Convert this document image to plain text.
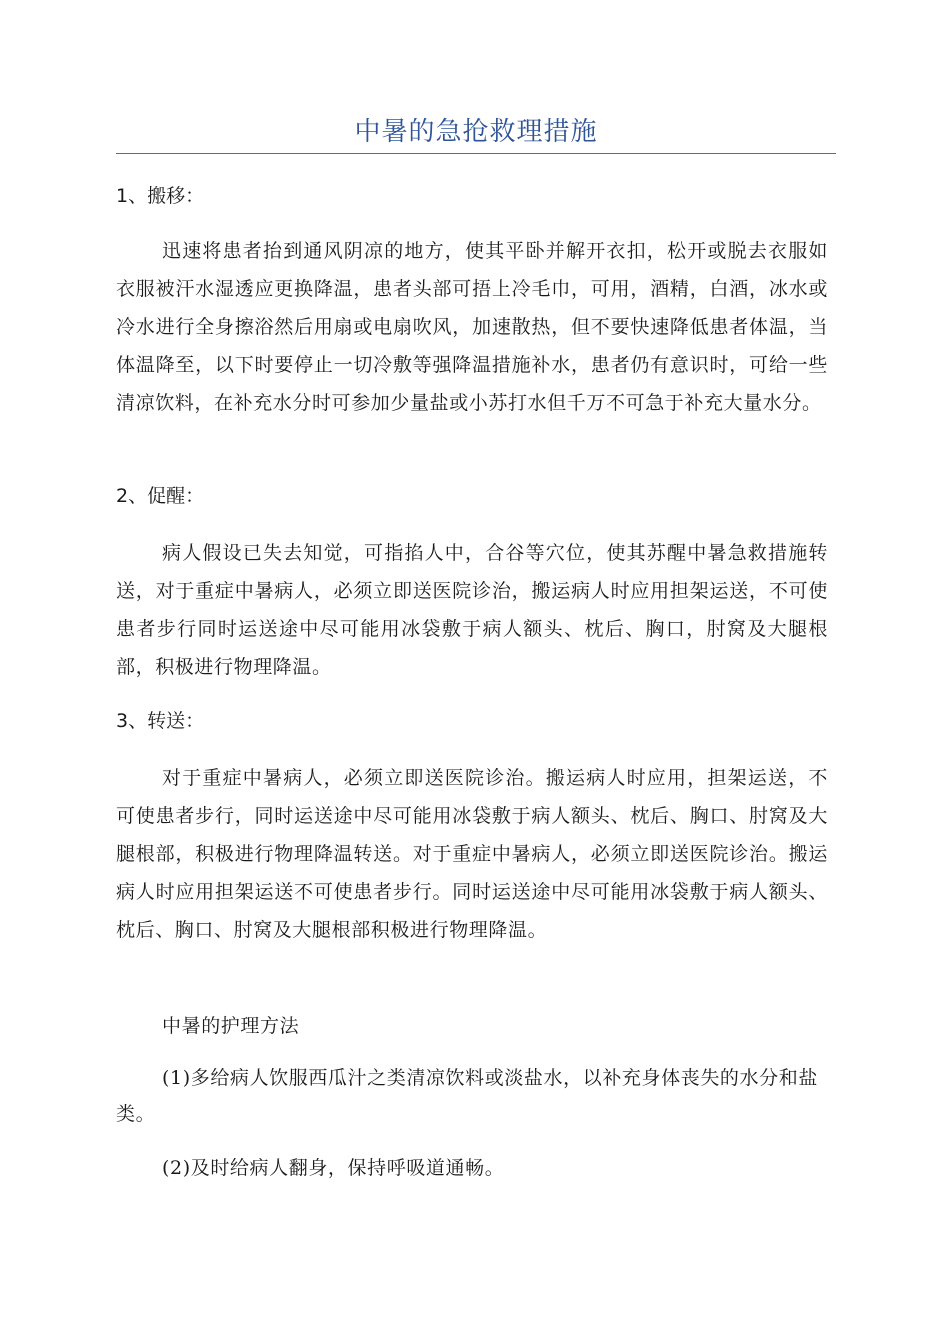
中暑的急抢救理措施
1、搬移：
迅速将患者抬到通风阴凉的地方，使其平卧并解开衣扣，松开或脱去衣服如衣服被汗水湿透应更换降温，患者头部可捂上冷毛巾，可用，酒精，白酒，冰水或冷水进行全身擦浴然后用扇或电扇吹风，加速散热，但不要快速降低患者体温，当体温降至，以下时要停止一切冷敷等强降温措施补水，患者仍有意识时，可给一些清凉饮料，在补充水分时可参加少量盐或小苏打水但千万不可急于补充大量水分。
2、促醒：
病人假设已失去知觉，可指掐人中，合谷等穴位，使其苏醒中暑急救措施转送，对于重症中暑病人，必须立即送医院诊治，搬运病人时应用担架运送，不可使患者步行同时运送途中尽可能用冰袋敷于病人额头、枕后、胸口，肘窝及大腿根部，积极进行物理降温。
3、转送：
对于重症中暑病人，必须立即送医院诊治。搬运病人时应用，担架运送，不可使患者步行，同时运送途中尽可能用冰袋敷于病人额头、枕后、胸口、肘窝及大腿根部，积极进行物理降温转送。对于重症中暑病人，必须立即送医院诊治。搬运病人时应用担架运送不可使患者步行。同时运送途中尽可能用冰袋敷于病人额头、枕后、胸口、肘窝及大腿根部积极进行物理降温。
中暑的护理方法
(1)多给病人饮服西瓜汁之类清凉饮料或淡盐水，以补充身体丧失的水分和盐类。
(2)及时给病人翻身，保持呼吸道通畅。
